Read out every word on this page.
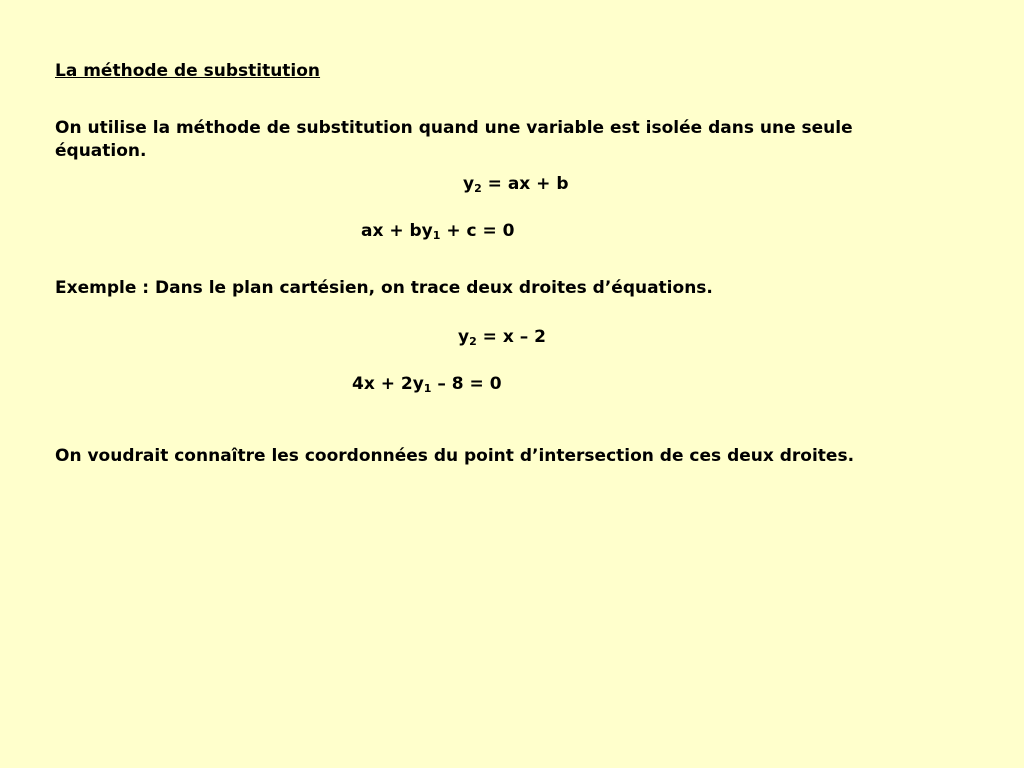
La méthode de substitution
On utilise la méthode de substitution quand une variable est isolée dans une seule équation.
$y_2$ = ax + b
ax + $by_1 + c = 0$
Exemple : Dans le plan cartésien, on trace deux droites d’équations.
$y_2 = x - 2$
$4x + 2y_1 - 8 = 0$
On voudrait connaître les coordonnées du point d’intersection de ces deux droites.
